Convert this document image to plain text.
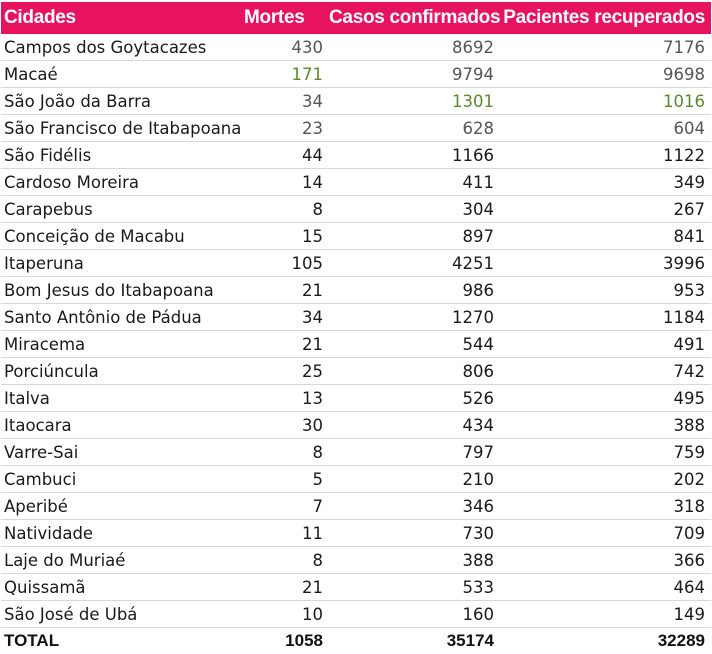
Cidades	Mortes	Casos confirmados	Pacientes recuperados
Campos dos Goytacazes	430	8692	7176
Macaé	171	9794	9698
São João da Barra	34	1301	1016
São Francisco de Itabapoana	23	628	604
São Fidélis	44	1166	1122
Cardoso Moreira	14	411	349
Carapebus	8	304	267
Conceição de Macabu	15	897	841
Itaperuna	105	4251	3996
Bom Jesus do Itabapoana	21	986	953
Santo Antônio de Pádua	34	1270	1184
Miracema	21	544	491
Porciúncula	25	806	742
Italva	13	526	495
Itaocara	30	434	388
Varre-Sai	8	797	759
Cambuci	5	210	202
Aperibé	7	346	318
Natividade	11	730	709
Laje do Muriaé	8	388	366
Quissamã	21	533	464
São José de Ubá	10	160	149
TOTAL	1058	35174	32289
